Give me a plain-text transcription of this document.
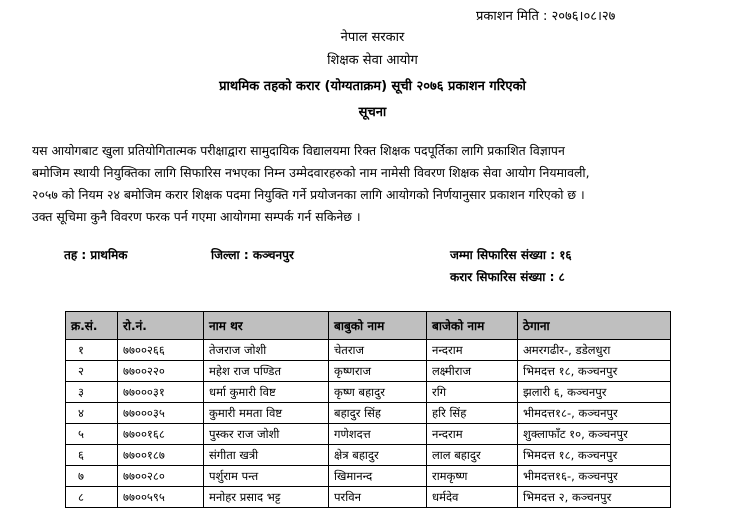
प्रकाशन मिति : २०७६।०८।२७
नेपाल सरकार
शिक्षक सेवा आयोग
प्राथमिक तहको करार (योग्यताक्रम) सूची २०७६ प्रकाशन गरिएको
सूचना
यस आयोगबाट खुला प्रतियोगितात्मक परीक्षाद्वारा सामुदायिक विद्यालयमा रिक्त शिक्षक पदपूर्तिका लागि प्रकाशित विज्ञापन
बमोजिम स्थायी नियुक्तिका लागि सिफारिस नभएका निम्न उम्मेदवारहरुको नाम नामेसी विवरण शिक्षक सेवा आयोग नियमावली,
२०५७ को नियम २४ बमोजिम करार शिक्षक पदमा नियुक्ति गर्ने प्रयोजनका लागि आयोगको निर्णयानुसार प्रकाशन गरिएको छ ।
उक्त सूचिमा कुनै विवरण फरक पर्न गएमा आयोगमा सम्पर्क गर्न सकिनेछ ।
तह : प्राथमिक	जिल्ला : कञ्चनपुर	जम्मा सिफारिस संख्या : १६
करार सिफारिस संख्या : ८
क्र.सं.	रो.नं.	नाम थर	बाबुको नाम	बाजेको नाम	ठेगाना
१	७७००२६६	तेजराज जोशी	चेतराज	नन्दराम	अमरगढीर-, डडेलधुरा
२	७७००२२०	महेश राज पण्डित	कृष्णराज	लक्ष्मीराज	भिमदत्त १८, कञ्चनपुर
३	७७०००३१	धर्मा कुमारी विष्ट	कृष्ण बहादुर	रगि	झलारी ६, कञ्चनपुर
४	७७०००३५	कुमारी ममता विष्ट	बहादुर सिंह	हरि सिंह	भीमदत्त१८-, कञ्चनपुर
५	७७००१६८	पुस्कर राज जोशी	गणेशदत्त	नन्दराम	शुक्लाफाँट १०, कञ्चनपुर
६	७७००१८७	संगीता खत्री	क्षेत्र बहादुर	लाल बहादुर	भिमदत्त १८, कञ्चनपुर
७	७७००२८०	पर्शुराम पन्त	खिमानन्द	रामकृष्ण	भीमदत्त१६-, कञ्चनपुर
८	७७००५९५	मनोहर प्रसाद भट्ट	परविन	धर्मदेव	भिमदत्त २, कञ्चनपुर
